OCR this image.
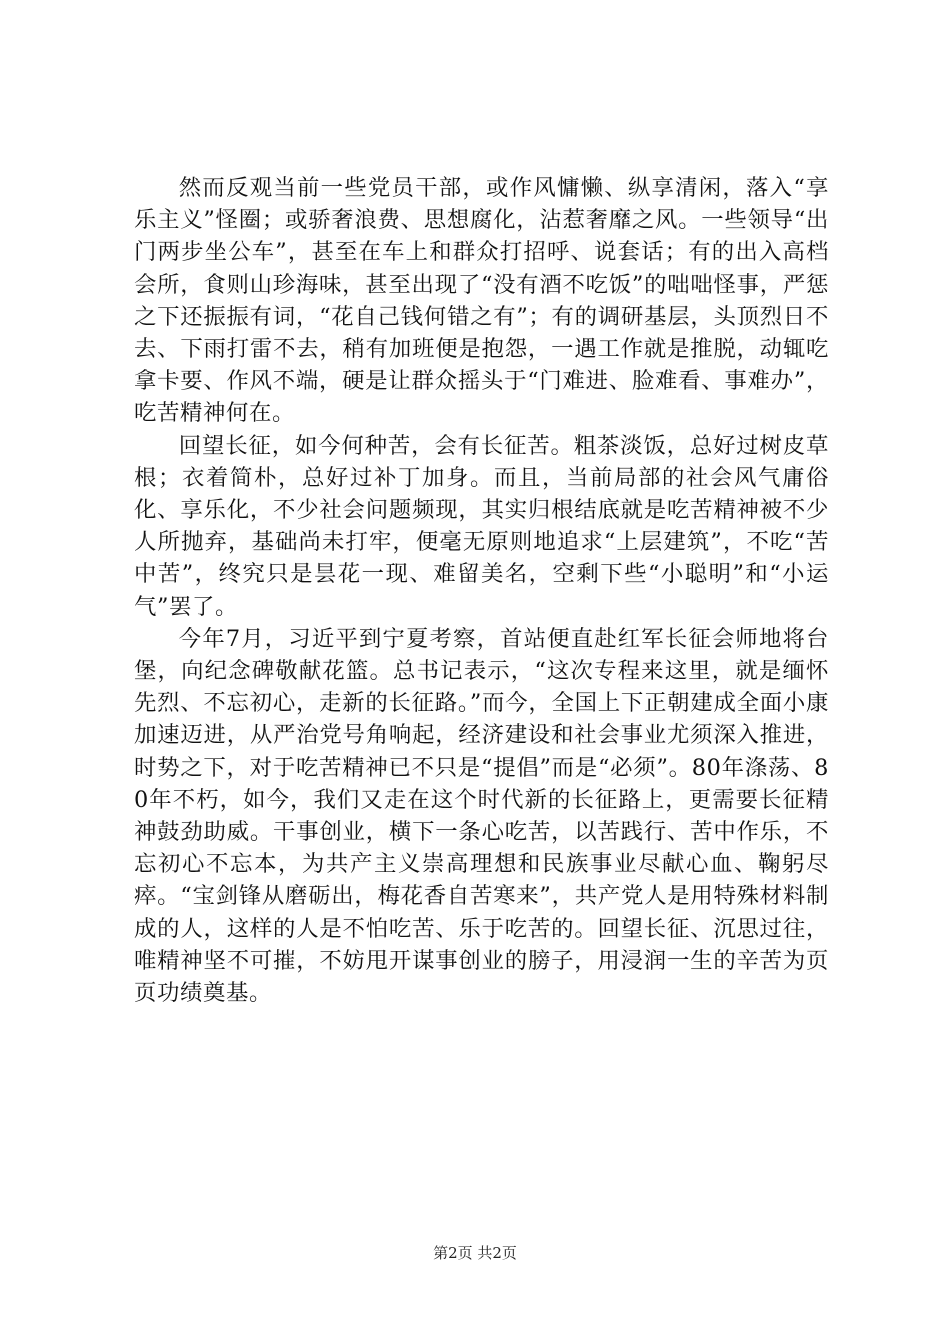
然而反观当前一些党员干部，或作风慵懒、纵享清闲，落入“享乐主义”怪圈；或骄奢浪费、思想腐化，沾惹奢靡之风。一些领导“出门两步坐公车”，甚至在车上和群众打招呼、说套话；有的出入高档会所，食则山珍海味，甚至出现了“没有酒不吃饭”的咄咄怪事，严惩之下还振振有词，“花自己钱何错之有”；有的调研基层，头顶烈日不去、下雨打雷不去，稍有加班便是抱怨，一遇工作就是推脱，动辄吃拿卡要、作风不端，硬是让群众摇头于“门难进、脸难看、事难办”，吃苦精神何在。

回望长征，如今何种苦，会有长征苦。粗茶淡饭，总好过树皮草根；衣着简朴，总好过补丁加身。而且，当前局部的社会风气庸俗化、享乐化，不少社会问题频现，其实归根结底就是吃苦精神被不少人所抛弃，基础尚未打牢，便毫无原则地追求“上层建筑”，不吃“苦中苦”，终究只是昙花一现、难留美名，空剩下些“小聪明”和“小运气”罢了。

今年7月，习近平到宁夏考察，首站便直赴红军长征会师地将台堡，向纪念碑敬献花篮。总书记表示，“这次专程来这里，就是缅怀先烈、不忘初心，走新的长征路。”而今，全国上下正朝建成全面小康加速迈进，从严治党号角响起，经济建设和社会事业尤须深入推进，时势之下，对于吃苦精神已不只是“提倡”而是“必须”。80年涤荡、80年不朽，如今，我们又走在这个时代新的长征路上，更需要长征精神鼓劲助威。干事创业，横下一条心吃苦，以苦践行、苦中作乐，不忘初心不忘本，为共产主义崇高理想和民族事业尽献心血、鞠躬尽瘁。“宝剑锋从磨砺出，梅花香自苦寒来”，共产党人是用特殊材料制成的人，这样的人是不怕吃苦、乐于吃苦的。回望长征、沉思过往，唯精神坚不可摧，不妨甩开谋事创业的膀子，用浸润一生的辛苦为页页功绩奠基。

第2页 共2页
